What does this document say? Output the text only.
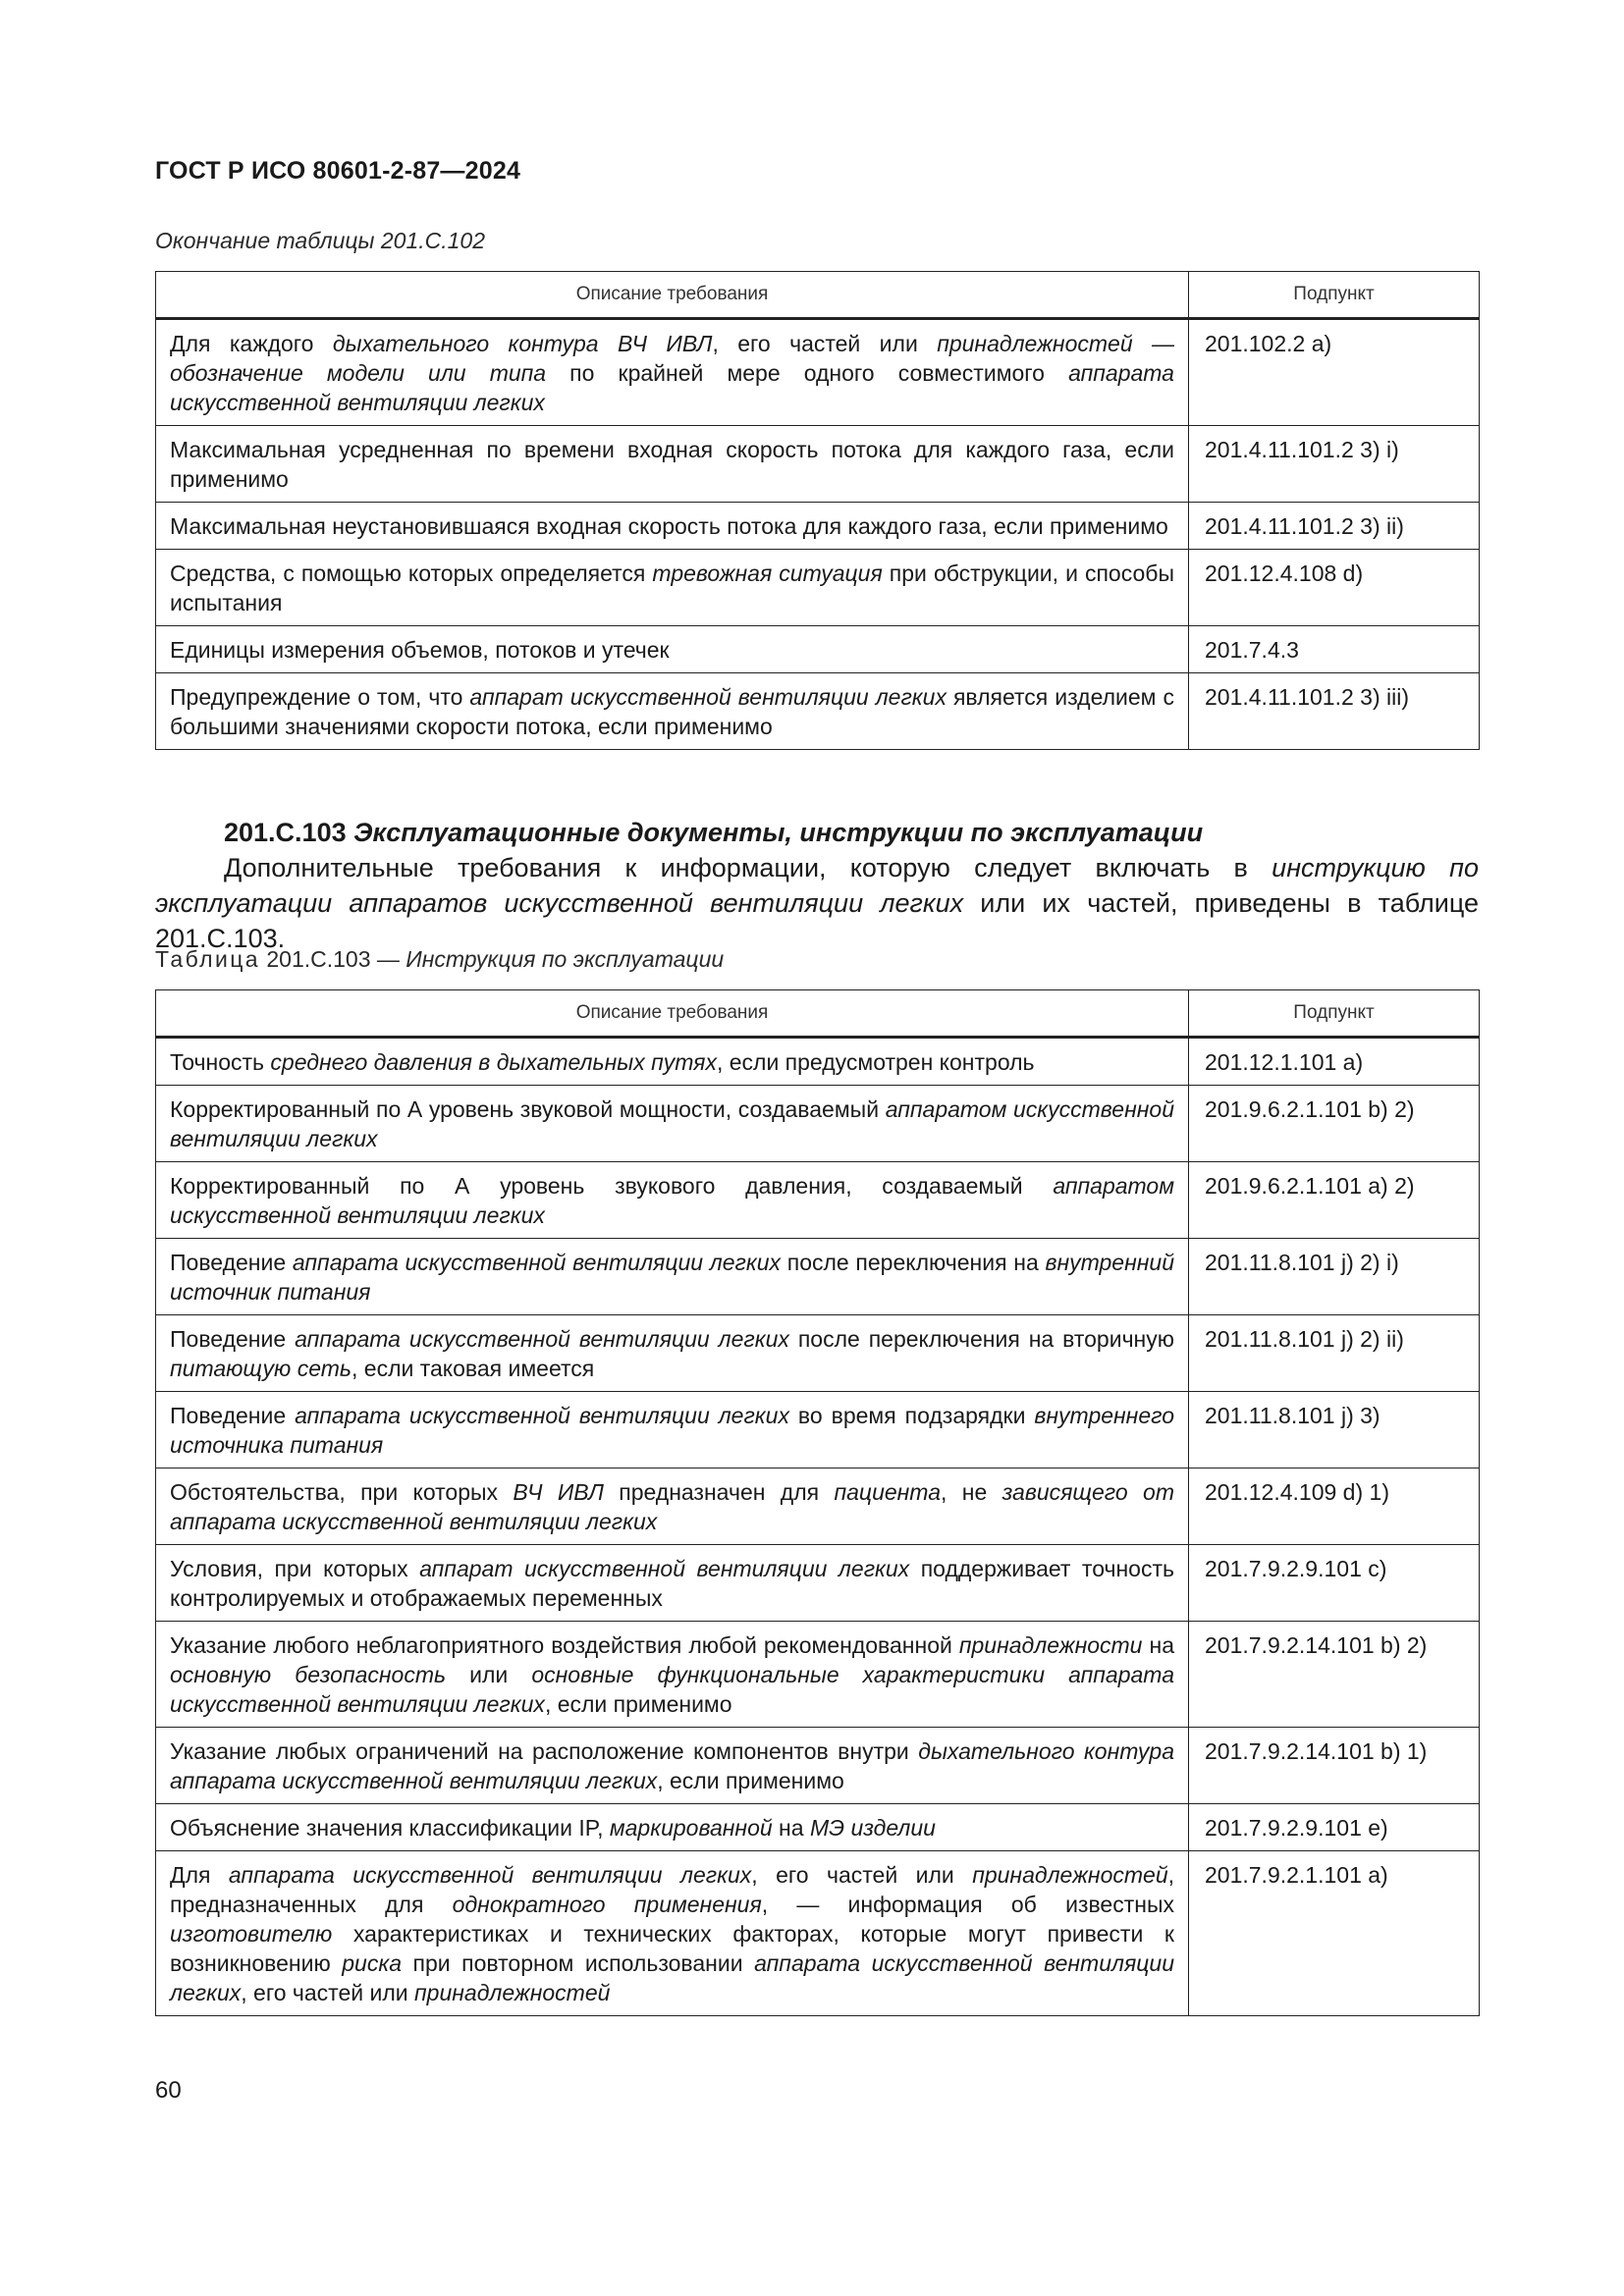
ГОСТ Р ИСО 80601-2-87—2024
Окончание таблицы 201.С.102
Описание требования	Подпункт
Для каждого дыхательного контура ВЧ ИВЛ, его частей или принадлежностей — обозначение модели или типа по крайней мере одного совместимого аппарата искусственной вентиляции легких	201.102.2 а)
Максимальная усредненная по времени входная скорость потока для каждого газа, если применимо	201.4.11.101.2 3) i)
Максимальная неустановившаяся входная скорость потока для каждого газа, если применимо	201.4.11.101.2 3) ii)
Средства, с помощью которых определяется тревожная ситуация при обструкции, и способы испытания	201.12.4.108 d)
Единицы измерения объемов, потоков и утечек	201.7.4.3
Предупреждение о том, что аппарат искусственной вентиляции легких является изделием с большими значениями скорости потока, если применимо	201.4.11.101.2 3) iii)
201.С.103 Эксплуатационные документы, инструкции по эксплуатации
Дополнительные требования к информации, которую следует включать в инструкцию по эксплуатации аппаратов искусственной вентиляции легких или их частей, приведены в таблице 201.С.103.
Таблица 201.С.103 — Инструкция по эксплуатации
Описание требования	Подпункт
Точность среднего давления в дыхательных путях, если предусмотрен контроль	201.12.1.101 а)
Корректированный по А уровень звуковой мощности, создаваемый аппаратом искусственной вентиляции легких	201.9.6.2.1.101 b) 2)
Корректированный по А уровень звукового давления, создаваемый аппаратом искусственной вентиляции легких	201.9.6.2.1.101 а) 2)
Поведение аппарата искусственной вентиляции легких после переключения на внутренний источник питания	201.11.8.101 j) 2) i)
Поведение аппарата искусственной вентиляции легких после переключения на вторичную питающую сеть, если таковая имеется	201.11.8.101 j) 2) ii)
Поведение аппарата искусственной вентиляции легких во время подзарядки внутреннего источника питания	201.11.8.101 j) 3)
Обстоятельства, при которых ВЧ ИВЛ предназначен для пациента, не зависящего от аппарата искусственной вентиляции легких	201.12.4.109 d) 1)
Условия, при которых аппарат искусственной вентиляции легких поддерживает точность контролируемых и отображаемых переменных	201.7.9.2.9.101 с)
Указание любого неблагоприятного воздействия любой рекомендованной принадлежности на основную безопасность или основные функциональные характеристики аппарата искусственной вентиляции легких, если применимо	201.7.9.2.14.101 b) 2)
Указание любых ограничений на расположение компонентов внутри дыхательного контура аппарата искусственной вентиляции легких, если применимо	201.7.9.2.14.101 b) 1)
Объяснение значения классификации IP, маркированной на МЭ изделии	201.7.9.2.9.101 е)
Для аппарата искусственной вентиляции легких, его частей или принадлежностей, предназначенных для однократного применения, — информация об известных изготовителю характеристиках и технических факторах, которые могут привести к возникновению риска при повторном использовании аппарата искусственной вентиляции легких, его частей или принадлежностей	201.7.9.2.1.101 а)
60
